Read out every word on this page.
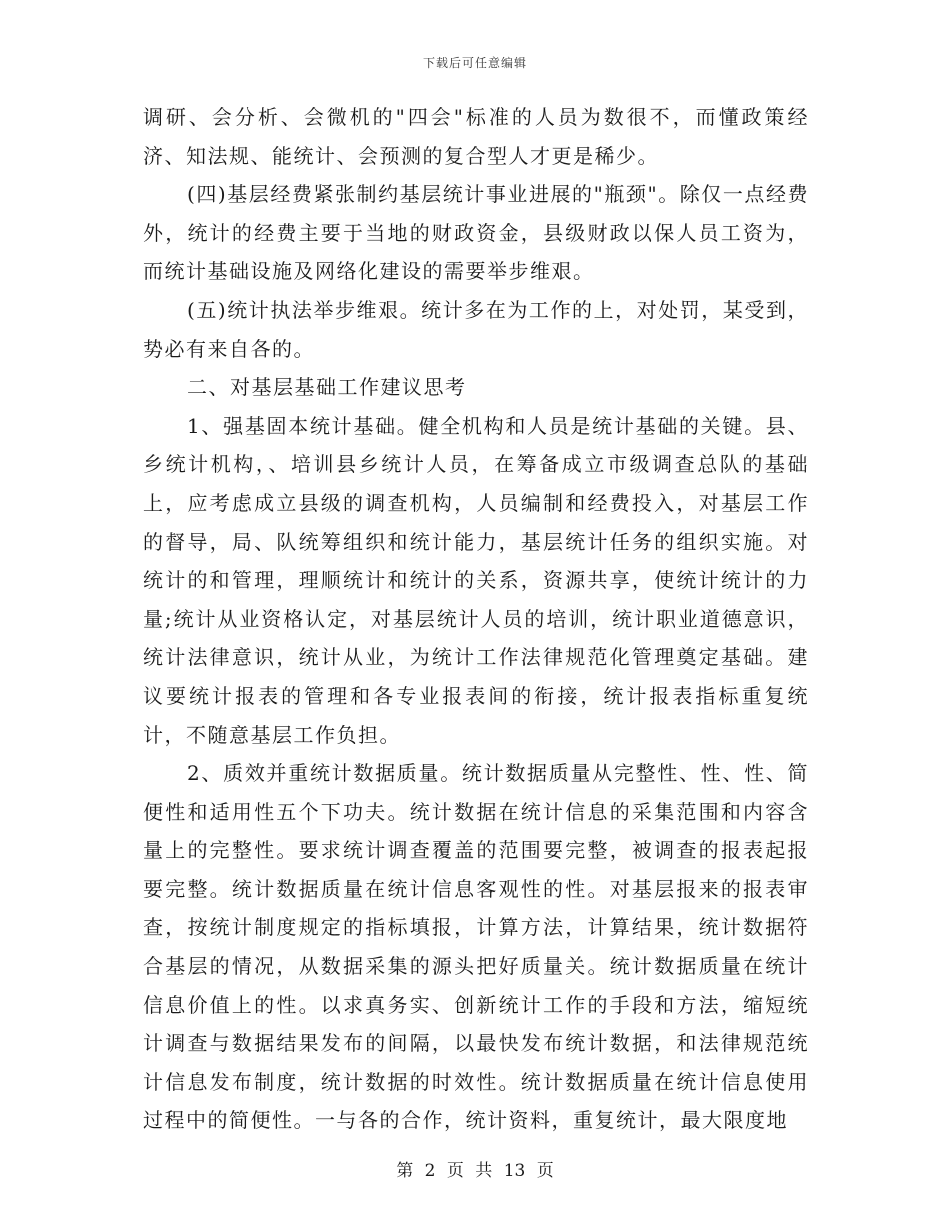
下载后可任意编辑

调研、会分析、会微机的"四会"标准的人员为数很不，而懂政策经济、知法规、能统计、会预测的复合型人才更是稀少。

(四)基层经费紧张制约基层统计事业进展的"瓶颈"。除仅一点经费外，统计的经费主要于当地的财政资金，县级财政以保人员工资为，而统计基础设施及网络化建设的需要举步维艰。

(五)统计执法举步维艰。统计多在为工作的上，对处罚，某受到，势必有来自各的。

二、对基层基础工作建议思考

1、强基固本统计基础。健全机构和人员是统计基础的关键。县、乡统计机构，、培训县乡统计人员，在筹备成立市级调查总队的基础上，应考虑成立县级的调查机构，人员编制和经费投入，对基层工作的督导，局、队统筹组织和统计能力，基层统计任务的组织实施。对统计的和管理，理顺统计和统计的关系，资源共享，使统计统计的力量;统计从业资格认定，对基层统计人员的培训，统计职业道德意识，统计法律意识，统计从业，为统计工作法律规范化管理奠定基础。建议要统计报表的管理和各专业报表间的衔接，统计报表指标重复统计，不随意基层工作负担。

2、质效并重统计数据质量。统计数据质量从完整性、性、性、简便性和适用性五个下功夫。统计数据在统计信息的采集范围和内容含量上的完整性。要求统计调查覆盖的范围要完整，被调查的报表起报要完整。统计数据质量在统计信息客观性的性。对基层报来的报表审查，按统计制度规定的指标填报，计算方法，计算结果，统计数据符合基层的情况，从数据采集的源头把好质量关。统计数据质量在统计信息价值上的性。以求真务实、创新统计工作的手段和方法，缩短统计调查与数据结果发布的间隔，以最快发布统计数据，和法律规范统计信息发布制度，统计数据的时效性。统计数据质量在统计信息使用过程中的简便性。一与各的合作，统计资料，重复统计，最大限度地

第 2 页 共 13 页
